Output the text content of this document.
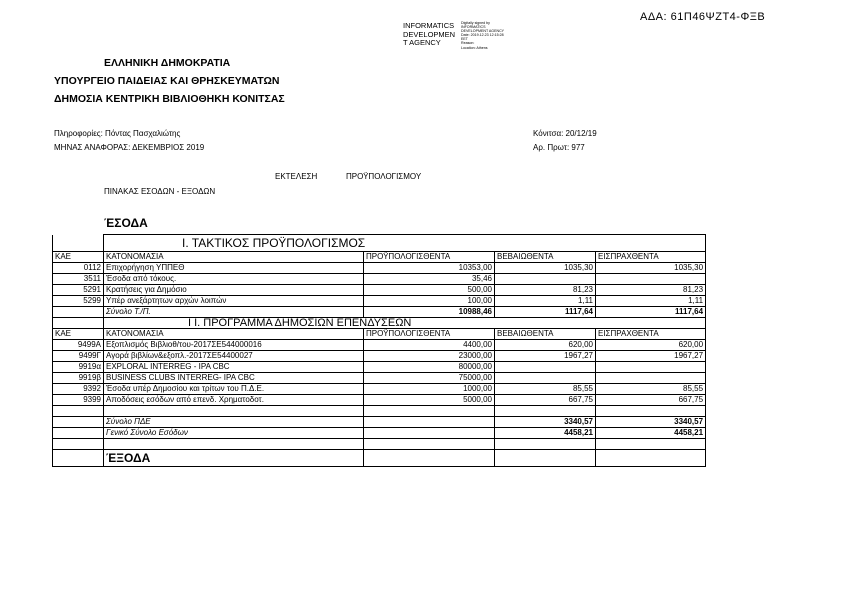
ΑΔΑ: 61Π46ΨΖΤ4-ΦΞΒ
INFORMATICS
DEVELOPMEN
T AGENCY
Digitally signed by
INFORMATICS
DEVELOPMENT AGENCY
Date: 2019.12.23 12:15:28
EET
Reason:
Location: Athens
ΕΛΛΗΝΙΚΗ ΔΗΜΟΚΡΑΤΙΑ
ΥΠΟΥΡΓΕΙΟ ΠΑΙΔΕΙΑΣ ΚΑΙ ΘΡΗΣΚΕΥΜΑΤΩΝ
ΔΗΜΟΣΙΑ ΚΕΝΤΡΙΚΗ ΒΙΒΛΙΟΘΗΚΗ ΚΟΝΙΤΣΑΣ
Πληροφορίες: Πόντας Πασχαλιώτης
ΜΗΝΑΣ ΑΝΑΦΟΡΑΣ: ΔΕΚΕΜΒΡΙΟΣ 2019
Κόνιτσα: 20/12/19
Αρ. Πρωτ: 977
ΕΚΤΕΛΕΣΗ	ΠΡΟΫΠΟΛΟΓΙΣΜΟΥ
ΠΙΝΑΚΑΣ ΕΣΟΔΩΝ - ΕΞΟΔΩΝ
ΈΣΟΔΑ
	Ι. ΤΑΚΤΙΚΟΣ ΠΡΟΫΠΟΛΟΓΙΣΜΟΣ			
ΚΑΕ	ΚΑΤΟΝΟΜΑΣΙΑ	ΠΡΟΫΠΟΛΟΓΙΣΘΕΝΤΑ	ΒΕΒΑΙΩΘΕΝΤΑ	ΕΙΣΠΡΑΧΘΕΝΤΑ
0112	Επιχορήγηση ΥΠΠΕΘ	10353,00	1035,30	1035,30
3511	Έσοδα από τόκους.	35,46		
5291	Κρατήσεις για Δημόσιο	500,00	81,23	81,23
5299	Υπέρ ανεξάρτητων αρχών λοιπών	100,00	1,11	1,11
	Σύνολο Τ./Π.	10988,46	1117,64	1117,64
	Ι Ι. ΠΡΟΓΡΑΜΜΑ ΔΗΜΟΣΙΩΝ ΕΠΕΝΔΥΣΕΩΝ			
ΚΑΕ	ΚΑΤΟΝΟΜΑΣΙΑ	ΠΡΟΫΠΟΛΟΓΙΣΘΕΝΤΑ	ΒΕΒΑΙΩΘΕΝΤΑ	ΕΙΣΠΡΑΧΘΕΝΤΑ
9499Α	Εξοπλισμός Βιβλιοθ/του-2017ΣΕ544000016	4400,00	620,00	620,00
9499Γ	Αγορά βιβλίων&εξοπλ.-2017ΣΕ54400027	23000,00	1967,27	1967,27
9919α	EXPLORAL INTERREG - IPA CBC	80000,00		
9919β	BUSINESS CLUBS INTERREG- IPA CBC	75000,00		
9392	Έσοδα υπέρ Δημοσίου και τρίτων του Π.Δ.Ε.	1000,00	85,55	85,55
9399	Αποδόσεις εσόδων από επενδ. Χρηματοδοτ.	5000,00	667,75	667,75

	Σύνολο ΠΔΕ		3340,57	3340,57
	Γενικό Σύνολο Εσόδων		4458,21	4458,21

	ΈΞΟΔΑ			
